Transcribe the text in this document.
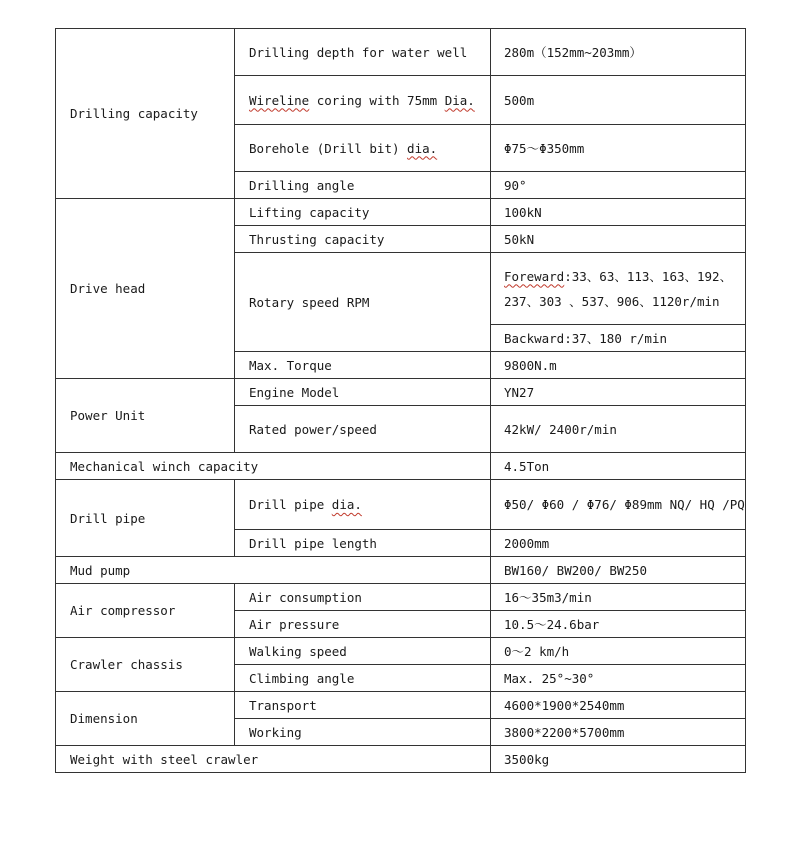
Drilling capacity	Drilling depth for water well	280m（152mm~203mm）
	Wireline coring with 75mm Dia.	500m
	Borehole (Drill bit) dia.	Φ75～Φ350mm
	Drilling angle	90°
Drive head	Lifting capacity	100kN
	Thrusting capacity	50kN
	Rotary speed RPM	Foreward:33、63、113、163、192、
237、303 、537、906、1120r/min
		Backward:37、180 r/min
	Max. Torque	9800N.m
Power Unit	Engine Model	YN27
	Rated power/speed	42kW/ 2400r/min
Mechanical winch capacity		4.5Ton
Drill pipe	Drill pipe dia.	Φ50/ Φ60 / Φ76/ Φ89mm NQ/ HQ /PQ
	Drill pipe length	2000mm
Mud pump		BW160/ BW200/ BW250
Air compressor	Air consumption	16～35m3/min
	Air pressure	10.5～24.6bar
Crawler chassis	Walking speed	0～2 km/h
	Climbing angle	Max. 25°~30°
Dimension	Transport	4600*1900*2540mm
	Working	3800*2200*5700mm
Weight with steel crawler		3500kg
